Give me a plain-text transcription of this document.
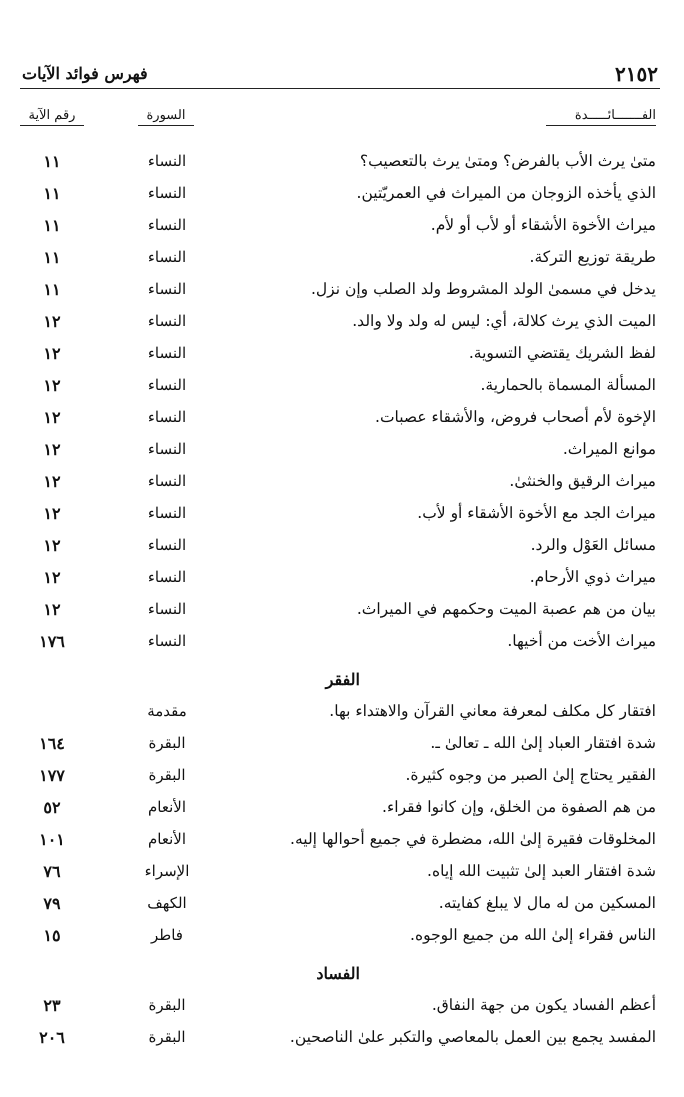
٢١٥٢
فهرس فوائد الآيات
الفـــــــائـــــدة
السورة
رقم الآية
متىٰ يرث الأب بالفرض؟ ومتىٰ يرث بالتعصيب؟
النساء
١١
الذي يأخذه الزوجان من الميراث في العمريّتين.
النساء
١١
ميراث الأخوة الأشقاء أو لأب أو لأم.
النساء
١١
طريقة توزيع التركة.
النساء
١١
يدخل في مسمىٰ الولد المشروط ولد الصلب وإن نزل.
النساء
١١
الميت الذي يرث كلالة، أي: ليس له ولد ولا والد.
النساء
١٢
لفظ الشريك يقتضي التسوية.
النساء
١٢
المسألة المسماة بالحمارية.
النساء
١٢
الإخوة لأم أصحاب فروض، والأشقاء عصبات.
النساء
١٢
موانع الميراث.
النساء
١٢
ميراث الرقيق والخنثىٰ.
النساء
١٢
ميراث الجد مع الأخوة الأشقاء أو لأب.
النساء
١٢
مسائل العَوْل والرد.
النساء
١٢
ميراث ذوي الأرحام.
النساء
١٢
بيان من هم عصبة الميت وحكمهم في الميراث.
النساء
١٢
ميراث الأخت من أخيها.
النساء
١٧٦
الفقر
افتقار كل مكلف لمعرفة معاني القرآن والاهتداء بها.
مقدمة
شدة افتقار العباد إلىٰ الله ـ تعالىٰ ـ.
البقرة
١٦٤
الفقير يحتاج إلىٰ الصبر من وجوه كثيرة.
البقرة
١٧٧
من هم الصفوة من الخلق، وإن كانوا فقراء.
الأنعام
٥٢
المخلوقات فقيرة إلىٰ الله، مضطرة في جميع أحوالها إليه.
الأنعام
١٠١
شدة افتقار العبد إلىٰ تثبيت الله إياه.
الإسراء
٧٦
المسكين من له مال لا يبلغ كفايته.
الكهف
٧٩
الناس فقراء إلىٰ الله من جميع الوجوه.
فاطر
١٥
الفساد
أعظم الفساد يكون من جهة النفاق.
البقرة
٢٣
المفسد يجمع بين العمل بالمعاصي والتكبر علىٰ الناصحين.
البقرة
٢٠٦
